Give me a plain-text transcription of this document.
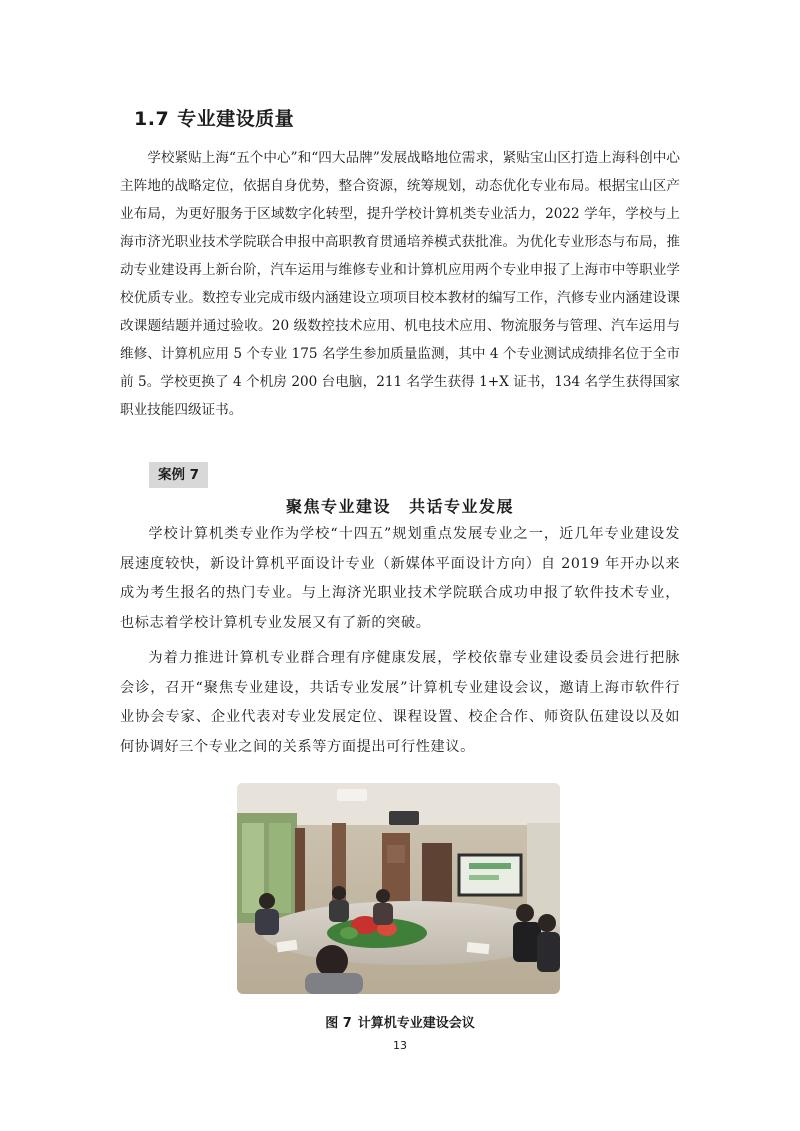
1.7 专业建设质量

学校紧贴上海“五个中心”和“四大品牌”发展战略地位需求，紧贴宝山区打造上海科创中心主阵地的战略定位，依据自身优势，整合资源，统筹规划，动态优化专业布局。根据宝山区产业布局，为更好服务于区域数字化转型，提升学校计算机类专业活力，2022 学年，学校与上海市济光职业技术学院联合申报中高职教育贯通培养模式获批准。为优化专业形态与布局，推动专业建设再上新台阶，汽车运用与维修专业和计算机应用两个专业申报了上海市中等职业学校优质专业。数控专业完成市级内涵建设立项项目校本教材的编写工作，汽修专业内涵建设课改课题结题并通过验收。20 级数控技术应用、机电技术应用、物流服务与管理、汽车运用与维修、计算机应用 5 个专业 175 名学生参加质量监测，其中 4 个专业测试成绩排名位于全市前 5。学校更换了 4 个机房 200 台电脑，211 名学生获得 1+X 证书，134 名学生获得国家职业技能四级证书。

案例 7
聚焦专业建设 共话专业发展

学校计算机类专业作为学校“十四五”规划重点发展专业之一，近几年专业建设发展速度较快，新设计算机平面设计专业（新媒体平面设计方向）自 2019 年开办以来成为考生报名的热门专业。与上海济光职业技术学院联合成功申报了软件技术专业，也标志着学校计算机专业发展又有了新的突破。

为着力推进计算机专业群合理有序健康发展，学校依靠专业建设委员会进行把脉会诊，召开“聚焦专业建设，共话专业发展”计算机专业建设会议，邀请上海市软件行业协会专家、企业代表对专业发展定位、课程设置、校企合作、师资队伍建设以及如何协调好三个专业之间的关系等方面提出可行性建议。

图 7 计算机专业建设会议
13
